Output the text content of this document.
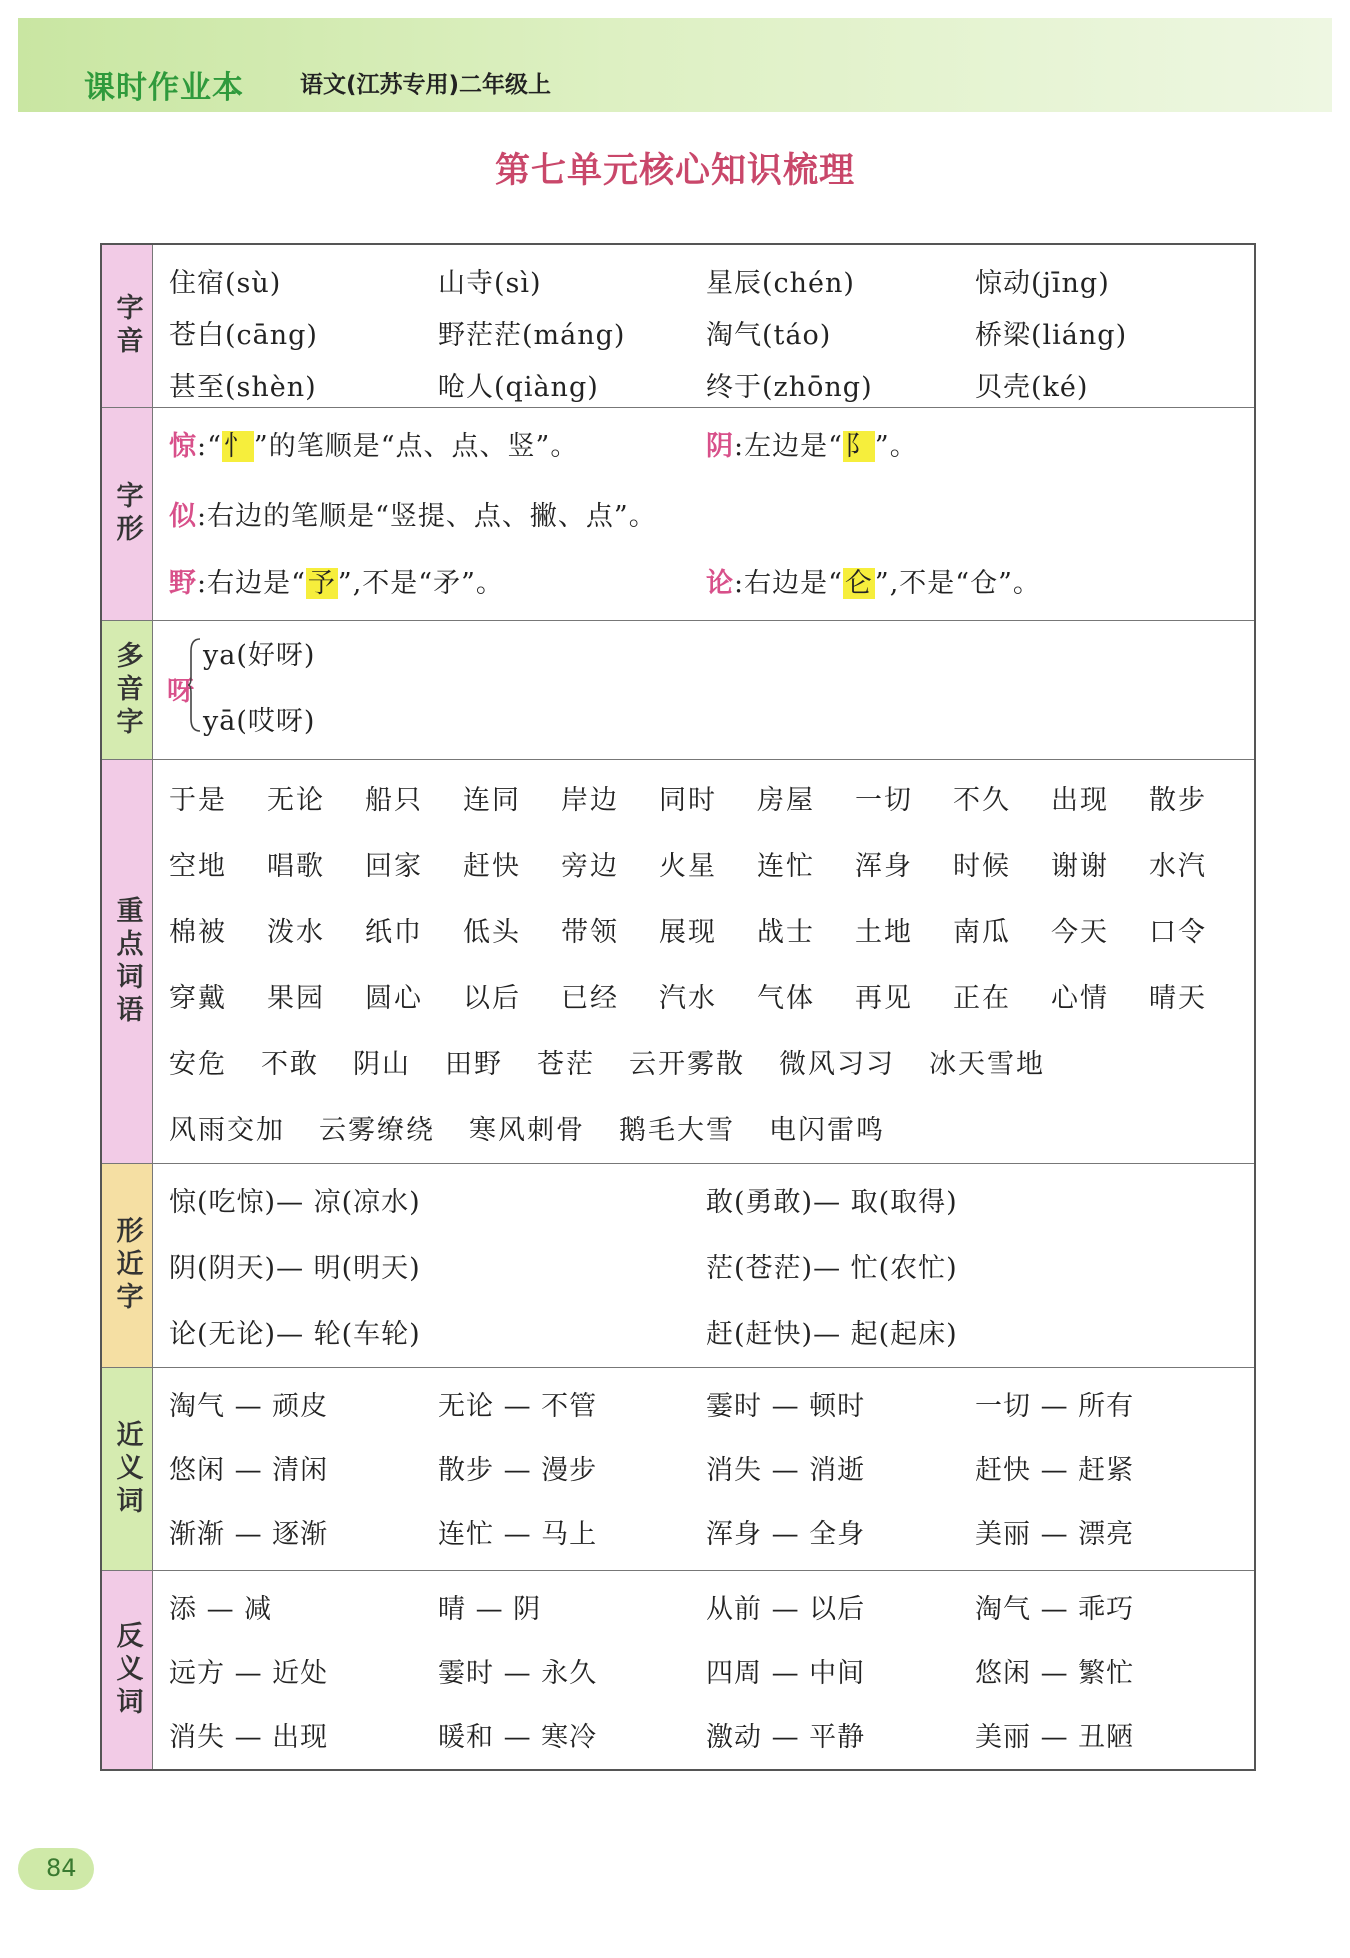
课时作业本 语文(江苏专用)二年级上
第七单元核心知识梳理
字音
住宿(sù)	山寺(sì)	星辰(chén)	惊动(jīng)
苍白(cāng)	野茫茫(máng)	淘气(táo)	桥梁(liáng)
甚至(shèn)	呛人(qiàng)	终于(zhōng)	贝壳(ké)
字形
惊:“忄”的笔顺是“点、点、竖”。	阴:左边是“阝”。
似:右边的笔顺是“竖提、点、撇、点”。
野:右边是“予”,不是“矛”。	论:右边是“仑”,不是“仓”。
多音字 呀
ya(好呀)
yā(哎呀)
重点词语
于是	无论	船只	连同	岸边	同时	房屋	一切	不久	出现	散步
空地	唱歌	回家	赶快	旁边	火星	连忙	浑身	时候	谢谢	水汽
棉被	泼水	纸巾	低头	带领	展现	战士	土地	南瓜	今天	口令
穿戴	果园	圆心	以后	已经	汽水	气体	再见	正在	心情	晴天
安危 不敢 阴山 田野 苍茫 云开雾散 微风习习 冰天雪地
风雨交加 云雾缭绕 寒风刺骨 鹅毛大雪 电闪雷鸣
形近字
惊(吃惊)— 凉(凉水)	敢(勇敢)— 取(取得)
阴(阴天)— 明(明天)	茫(苍茫)— 忙(农忙)
论(无论)— 轮(车轮)	赶(赶快)— 起(起床)
近义词
淘气 — 顽皮	无论 — 不管	霎时 — 顿时	一切 — 所有
悠闲 — 清闲	散步 — 漫步	消失 — 消逝	赶快 — 赶紧
渐渐 — 逐渐	连忙 — 马上	浑身 — 全身	美丽 — 漂亮
反义词
添 — 减	晴 — 阴	从前 — 以后	淘气 — 乖巧
远方 — 近处	霎时 — 永久	四周 — 中间	悠闲 — 繁忙
消失 — 出现	暖和 — 寒冷	激动 — 平静	美丽 — 丑陋
84
